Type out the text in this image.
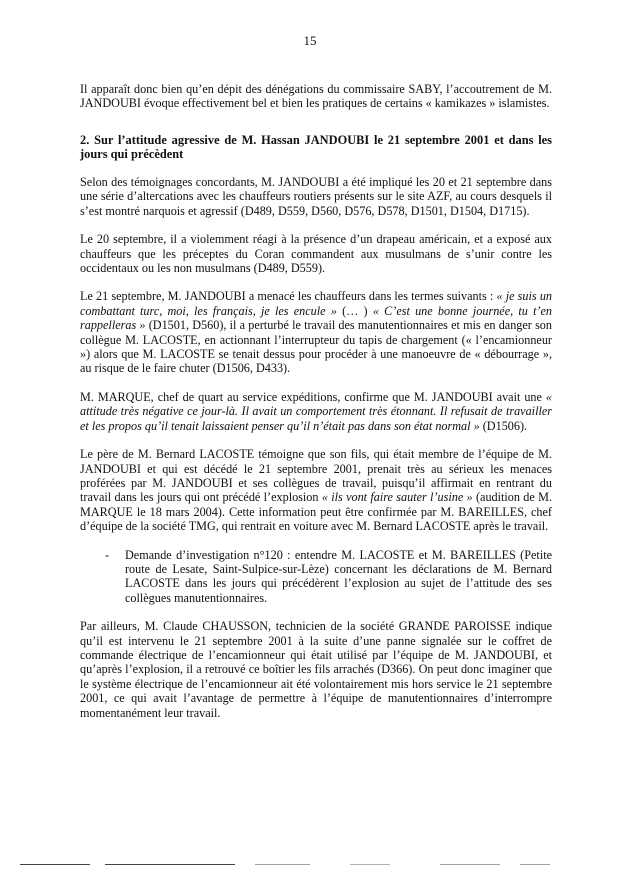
15

Il apparaît donc bien qu’en dépit des dénégations du commissaire SABY, l’accoutrement de M. JANDOUBI évoque effectivement bel et bien les pratiques de certains « kamikazes » islamistes.

2. Sur l’attitude agressive de M. Hassan JANDOUBI le 21 septembre 2001 et dans les jours qui précèdent

Selon des témoignages concordants, M. JANDOUBI a été impliqué les 20 et 21 septembre dans une série d’altercations avec les chauffeurs routiers présents sur le site AZF, au cours desquels il s’est montré narquois et agressif (D489, D559, D560, D576, D578, D1501, D1504, D1715).

Le 20 septembre, il a violemment réagi à la présence d’un drapeau américain, et a exposé aux chauffeurs que les préceptes du Coran commandent aux musulmans de s’unir contre les occidentaux ou les non musulmans (D489, D559).

Le 21 septembre, M. JANDOUBI a menacé les chauffeurs dans les termes suivants : « je suis un combattant turc, moi, les français, je les encule » (… ) « C’est une bonne journée, tu t’en rappelleras » (D1501, D560), il a perturbé le travail des manutentionnaires et mis en danger son collègue M. LACOSTE, en actionnant l’interrupteur du tapis de chargement (« l’encamionneur ») alors que M. LACOSTE se tenait dessus pour procéder à une manoeuvre de « débourrage », au risque de le faire chuter (D1506, D433).

M. MARQUE, chef de quart au service expéditions, confirme que M. JANDOUBI avait une « attitude très négative ce jour-là. Il avait un comportement très étonnant. Il refusait de travailler et les propos qu’il tenait laissaient penser qu’il n’était pas dans son état normal » (D1506).

Le père de M. Bernard LACOSTE témoigne que son fils, qui était membre de l’équipe de M. JANDOUBI et qui est décédé le 21 septembre 2001, prenait très au sérieux les menaces proférées par M. JANDOUBI et ses collègues de travail, puisqu’il affirmait en rentrant du travail dans les jours qui ont précédé l’explosion « ils vont faire sauter l’usine » (audition de M. MARQUE le 18 mars 2004). Cette information peut être confirmée par M. BAREILLES, chef d’équipe de la société TMG, qui rentrait en voiture avec M. Bernard LACOSTE après le travail.

- Demande d’investigation n°120 : entendre M. LACOSTE et M. BAREILLES (Petite route de Lesate, Saint-Sulpice-sur-Lèze) concernant les déclarations de M. Bernard LACOSTE dans les jours qui précédèrent l’explosion au sujet de l’attitude des ses collègues manutentionnaires.

Par ailleurs, M. Claude CHAUSSON, technicien de la société GRANDE PAROISSE indique qu’il est intervenu le 21 septembre 2001 à la suite d’une panne signalée sur le coffret de commande électrique de l’encamionneur qui était utilisé par l’équipe de M. JANDOUBI, et qu’après l’explosion, il a retrouvé ce boîtier les fils arrachés (D366). On peut donc imaginer que le système électrique de l’encamionneur ait été volontairement mis hors service le 21 septembre 2001, ce qui avait l’avantage de permettre à l’équipe de manutentionnaires d’interrompre momentanément leur travail.
